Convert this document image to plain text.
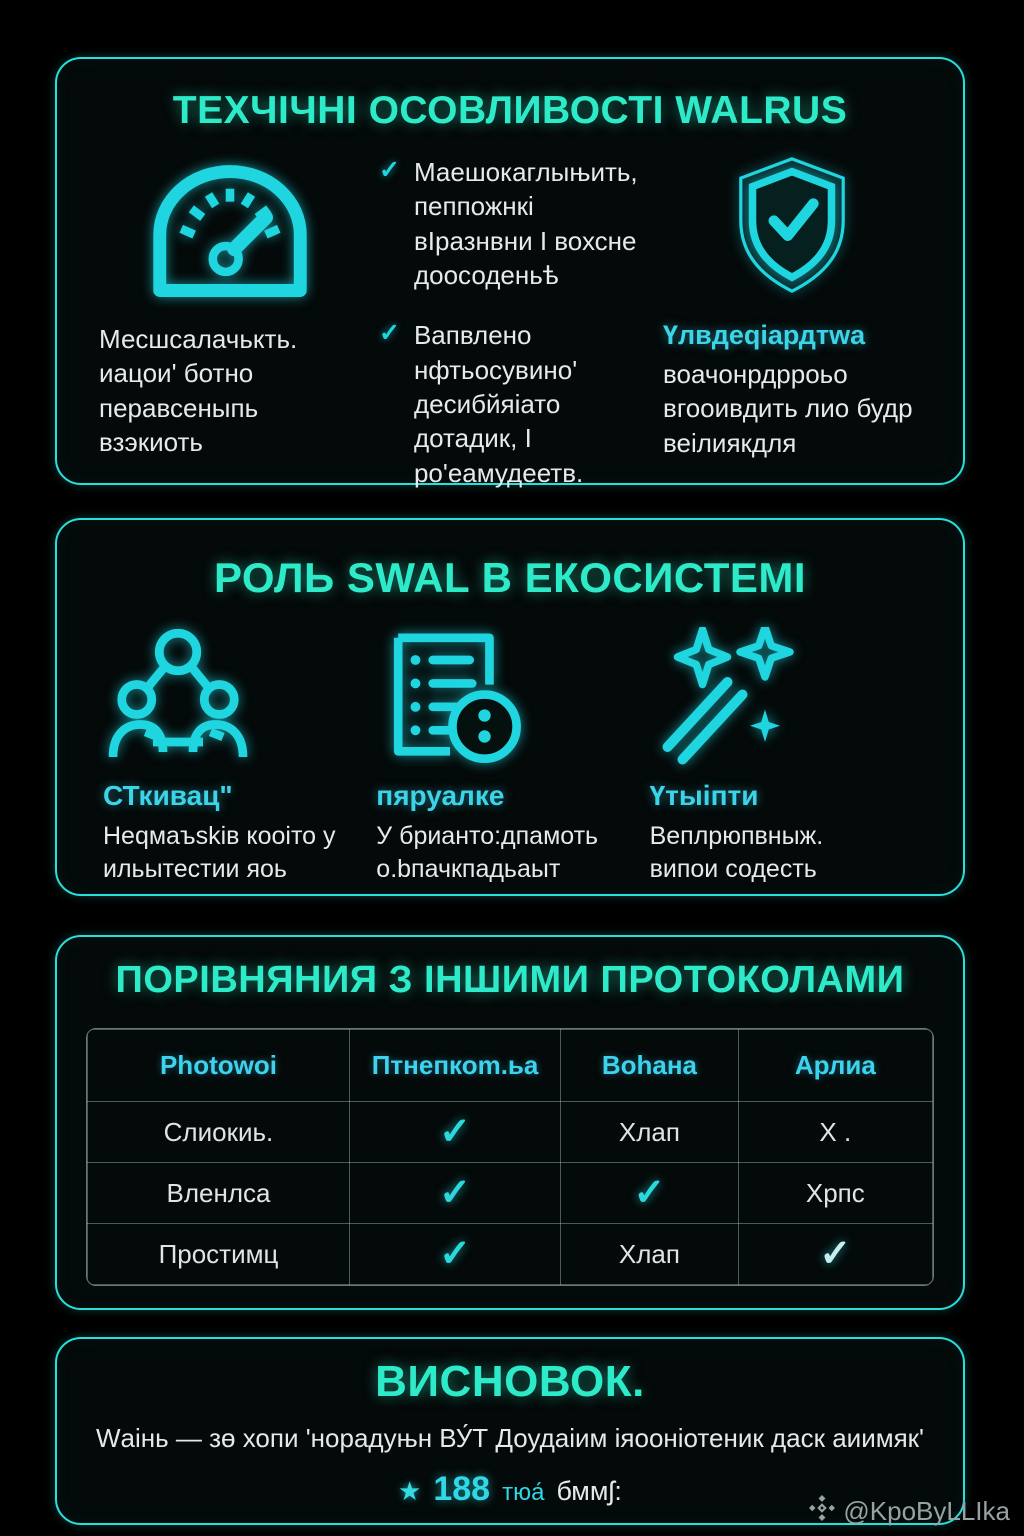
ТЕХЧІЧНІ ОСОВЛИВОСТІ WALRUS
Месшсалачькть. иацои' ботно перавсеныпь взэкиоть
✓ Маешокаглыњить, пеппожнкі вІразнвни І вохсне доосоденьѣ
✓ Вапвлено нфтьосувино' десибйяіато дотадик, І ро'еамудеетв.
Үлвдеqіардтwа
воачонрдрроьо вгооивдить лио будр веілиякдля
РОЛЬ SWAL В ЕКОСИСТЕМІ
СТкивац"
Неqмаъskів кооіто у ильытестии яоь
пяруалке
У брианто:дпамоть о.bпачкпадьаыт
Үтыіпти
Веплрюпвныж. випои содесть
ПОРІВНЯНИЯ З ІНШИМИ ПРОТОКОЛАМИ
Photowoi	Птнепкоm.ьа	Воhана	Арлиа
Слиокиь.	✓	Хлап	Х .
Вленлса	✓	✓	Хрпс
Простимц	✓	Хлап	✓
ВИСНОВОК.
Wаінь — зө хопи 'норадуњн ВУ́Т Доудаіим іяооніотеник даск аиимяк'
★ 188 тюа́ бммʃ:
@KpoByLLIka
